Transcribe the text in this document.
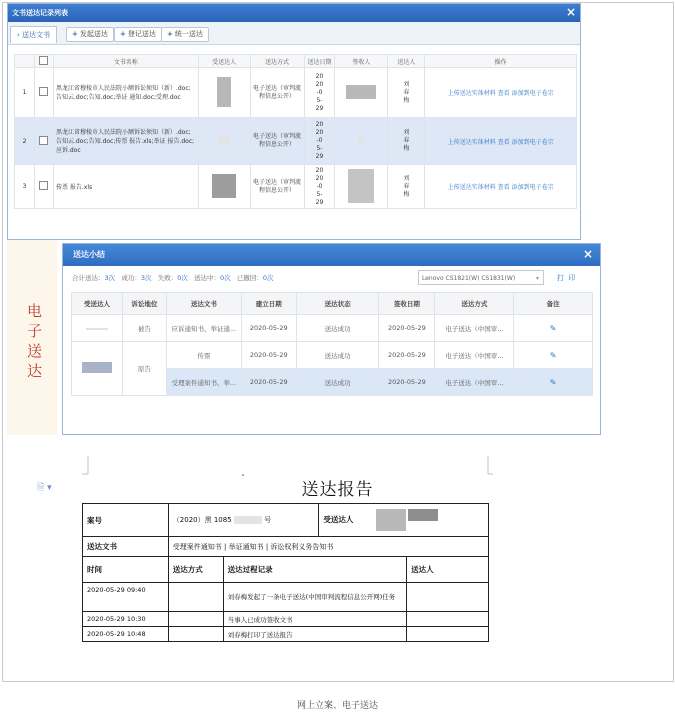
文书送达记录列表	×
‹ 送达文书	+ 发起送达	+ 登记送达	+ 统一送达
		文书名称	受送达人	送达方式	送达日期	签收人	送达人	操作
1		黑龙江省穆棱市人民法院小额诉讼须知（新）.doc;告知云.doc;告知.doc;举证 通知.doc;受理.doc		电子送达（审判流程信息公开）	2020-05-29		刘春梅	上传送达实体材料 查看 添加到电子卷宗
2		黑龙江省穆棱市人民法院小额诉讼须知（新）.doc;告知云.doc;告知.doc;传票 报告.xls;举证 报告.doc;应诉.doc		电子送达（审判流程信息公开）	2020-05-29		刘春梅	上传送达实体材料 查看 添加到电子卷宗
3		传票 报告.xls		电子送达（审判流程信息公开）	2020-05-29		刘春梅	上传送达实体材料 查看 添加到电子卷宗
电子送达
送达小结	×
合计送达：3次 成功：3次 失败：0次 送达中：0次 已撤回：0次	Lenovo CS1821(W) CS1831(W)	▾	打 印
受送达人	诉讼地位	送达文书	建立日期	送达状态	签收日期	送达方式	备注
	被告	应诉通知书、举证通...	2020-05-29	送达成功	2020-05-29	电子送达（中国审...	✎
	原告	传票	2020-05-29	送达成功	2020-05-29	电子送达（中国审...	✎
		受理案件通知书、举...	2020-05-29	送达成功	2020-05-29	电子送达（中国审...	✎
🗎 ▾	送达报告
案号	（2020）黑 1085 号		受送达人	
送达文书	受理案件通知书 | 举证通知书 | 诉讼权利义务告知书			
时间	送达方式	送达过程记录		送达人
2020-05-29 09:40		刘春梅发起了一条电子送达(中国审判流程信息公开网)任务		
2020-05-29 10:30		当事人已成功签收文书		
2020-05-29 10:48		刘春梅打印了送达报告		
网上立案、电子送达
